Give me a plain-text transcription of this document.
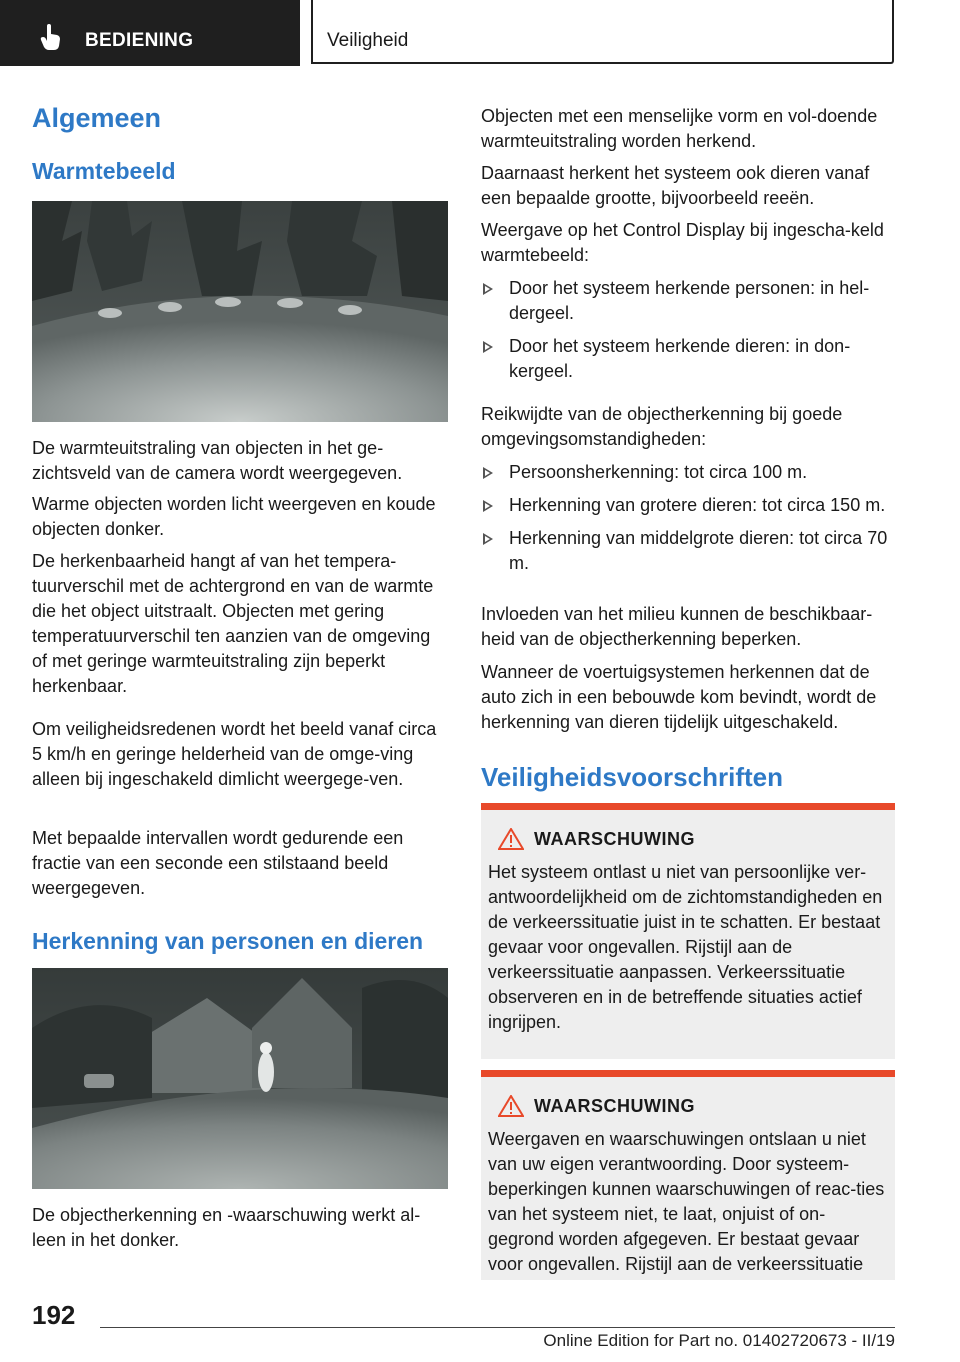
BEDIENING	Veiligheid
Algemeen
Warmtebeeld

De warmteuitstraling van objecten in het ge-zichtsveld van de camera wordt weergegeven.

Warme objecten worden licht weergeven en koude objecten donker.

De herkenbaarheid hangt af van het tempera-tuurverschil met de achtergrond en van de warmte die het object uitstraalt. Objecten met gering temperatuurverschil ten aanzien van de omgeving of met geringe warmteuitstraling zijn beperkt herkenbaar.

Om veiligheidsredenen wordt het beeld vanaf circa 5 km/h en geringe helderheid van de omge-ving alleen bij ingeschakeld dimlicht weergege-ven.

Met bepaalde intervallen wordt gedurende een fractie van een seconde een stilstaand beeld weergegeven.

Herkenning van personen en dieren

De objectherkenning en -waarschuwing werkt al-leen in het donker.

Objecten met een menselijke vorm en vol-doende warmteuitstraling worden herkend.

Daarnaast herkent het systeem ook dieren vanaf een bepaalde grootte, bijvoorbeeld reeën.

Weergave op het Control Display bij ingescha-keld warmtebeeld:

Door het systeem herkende personen: in hel-dergeel.
Door het systeem herkende dieren: in don-kergeel.

Reikwijdte van de objectherkenning bij goede omgevingsomstandigheden:

Persoonsherkenning: tot circa 100 m.
Herkenning van grotere dieren: tot circa 150 m.
Herkenning van middelgrote dieren: tot circa 70 m.

Invloeden van het milieu kunnen de beschikbaar-heid van de objectherkenning beperken.

Wanneer de voertuigsystemen herkennen dat de auto zich in een bebouwde kom bevindt, wordt de herkenning van dieren tijdelijk uitgeschakeld.

Veiligheidsvoorschriften
WAARSCHUWING

Het systeem ontlast u niet van persoonlijke ver-antwoordelijkheid om de zichtomstandigheden en de verkeerssituatie juist in te schatten. Er bestaat gevaar voor ongevallen. Rijstijl aan de verkeerssituatie aanpassen. Verkeerssituatie observeren en in de betreffende situaties actief ingrijpen.

WAARSCHUWING

Weergaven en waarschuwingen ontslaan u niet van uw eigen verantwoording. Door systeem-beperkingen kunnen waarschuwingen of reac-ties van het systeem niet, te laat, onjuist of on-gegrond worden afgegeven. Er bestaat gevaar voor ongevallen. Rijstijl aan de verkeerssituatie

192
Online Edition for Part no. 01402720673 - II/19
